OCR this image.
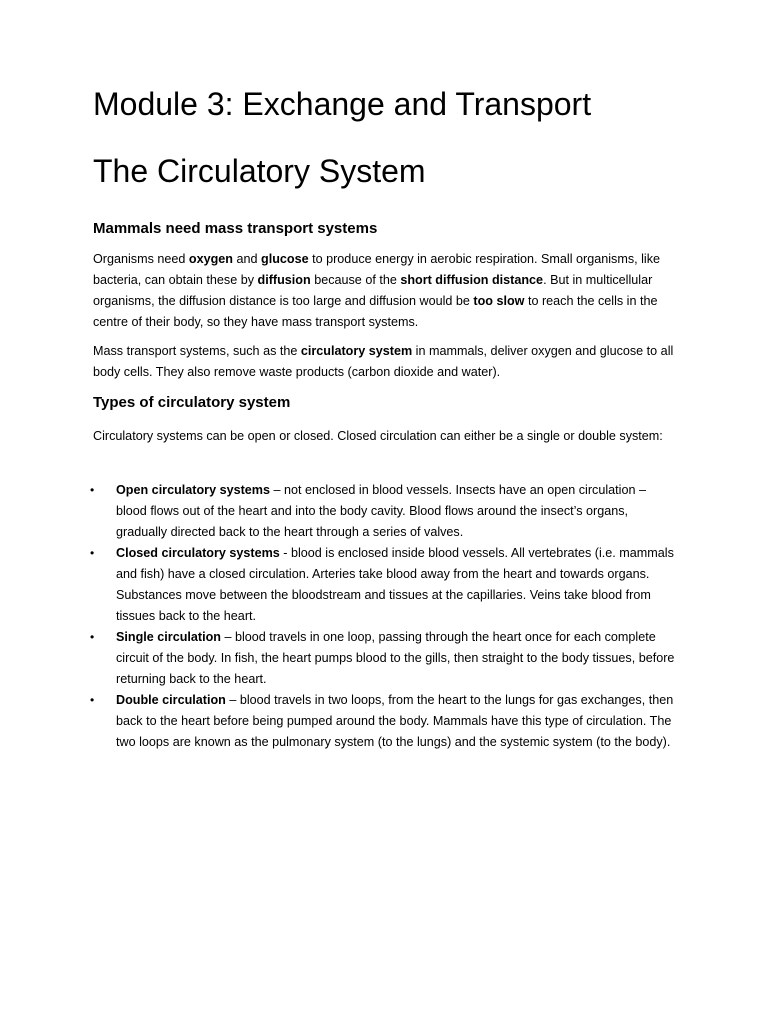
Module 3: Exchange and Transport
The Circulatory System
Mammals need mass transport systems

Organisms need oxygen and glucose to produce energy in aerobic respiration. Small organisms, like bacteria, can obtain these by diffusion because of the short diffusion distance. But in multicellular organisms, the diffusion distance is too large and diffusion would be too slow to reach the cells in the centre of their body, so they have mass transport systems.

Mass transport systems, such as the circulatory system in mammals, deliver oxygen and glucose to all body cells. They also remove waste products (carbon dioxide and water).

Types of circulatory system

Circulatory systems can be open or closed. Closed circulation can either be a single or double system:

• Open circulatory systems – not enclosed in blood vessels. Insects have an open circulation – blood flows out of the heart and into the body cavity. Blood flows around the insect’s organs, gradually directed back to the heart through a series of valves.
• Closed circulatory systems - blood is enclosed inside blood vessels. All vertebrates (i.e. mammals and fish) have a closed circulation. Arteries take blood away from the heart and towards organs. Substances move between the bloodstream and tissues at the capillaries. Veins take blood from tissues back to the heart.
• Single circulation – blood travels in one loop, passing through the heart once for each complete circuit of the body. In fish, the heart pumps blood to the gills, then straight to the body tissues, before returning back to the heart.
• Double circulation – blood travels in two loops, from the heart to the lungs for gas exchanges, then back to the heart before being pumped around the body. Mammals have this type of circulation. The two loops are known as the pulmonary system (to the lungs) and the systemic system (to the body).
